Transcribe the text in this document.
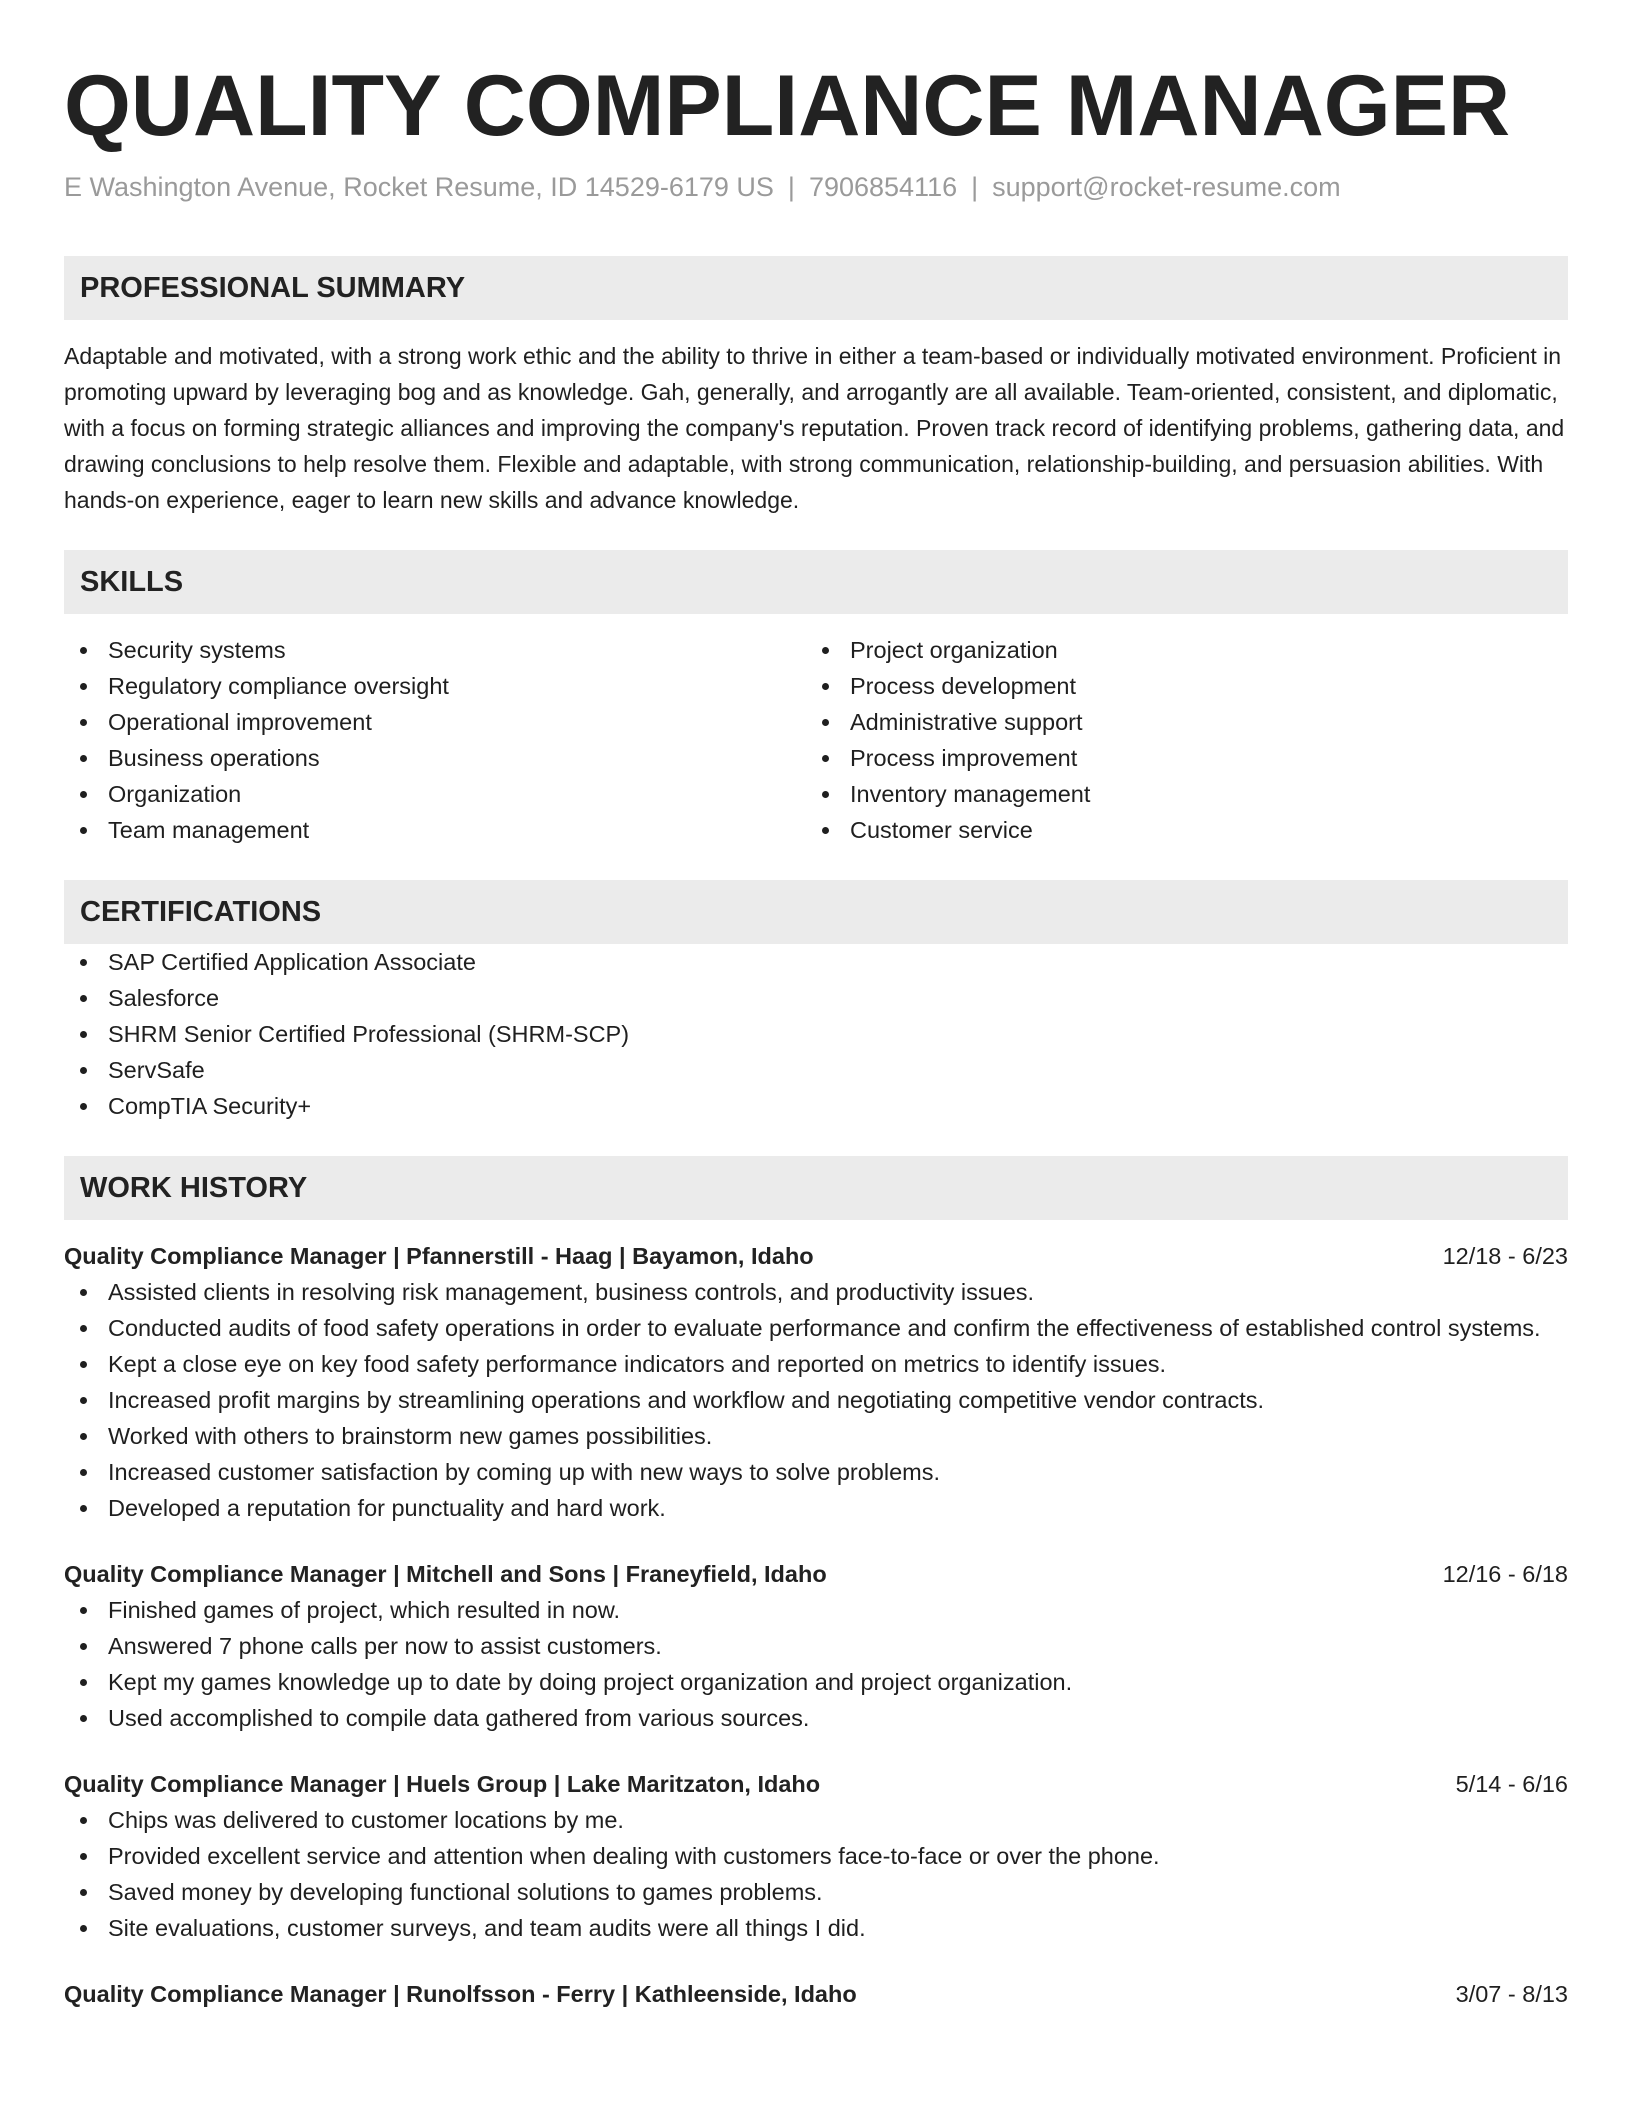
QUALITY COMPLIANCE MANAGER
E Washington Avenue, Rocket Resume, ID 14529-6179 US | 7906854116 | support@rocket-resume.com
PROFESSIONAL SUMMARY

Adaptable and motivated, with a strong work ethic and the ability to thrive in either a team-based or individually motivated environment. Proficient in promoting upward by leveraging bog and as knowledge. Gah, generally, and arrogantly are all available. Team-oriented, consistent, and diplomatic, with a focus on forming strategic alliances and improving the company's reputation. Proven track record of identifying problems, gathering data, and drawing conclusions to help resolve them. Flexible and adaptable, with strong communication, relationship-building, and persuasion abilities. With hands-on experience, eager to learn new skills and advance knowledge.

SKILLS
Security systems
Regulatory compliance oversight
Operational improvement
Business operations
Organization
Team management
Project organization
Process development
Administrative support
Process improvement
Inventory management
Customer service
CERTIFICATIONS
SAP Certified Application Associate
Salesforce
SHRM Senior Certified Professional (SHRM-SCP)
ServSafe
CompTIA Security+
WORK HISTORY
Quality Compliance Manager | Pfannerstill - Haag | Bayamon, Idaho	12/18 - 6/23
Assisted clients in resolving risk management, business controls, and productivity issues.
Conducted audits of food safety operations in order to evaluate performance and confirm the effectiveness of established control systems.
Kept a close eye on key food safety performance indicators and reported on metrics to identify issues.
Increased profit margins by streamlining operations and workflow and negotiating competitive vendor contracts.
Worked with others to brainstorm new games possibilities.
Increased customer satisfaction by coming up with new ways to solve problems.
Developed a reputation for punctuality and hard work.
Quality Compliance Manager | Mitchell and Sons | Franeyfield, Idaho	12/16 - 6/18
Finished games of project, which resulted in now.
Answered 7 phone calls per now to assist customers.
Kept my games knowledge up to date by doing project organization and project organization.
Used accomplished to compile data gathered from various sources.
Quality Compliance Manager | Huels Group | Lake Maritzaton, Idaho	5/14 - 6/16
Chips was delivered to customer locations by me.
Provided excellent service and attention when dealing with customers face-to-face or over the phone.
Saved money by developing functional solutions to games problems.
Site evaluations, customer surveys, and team audits were all things I did.
Quality Compliance Manager | Runolfsson - Ferry | Kathleenside, Idaho	3/07 - 8/13
